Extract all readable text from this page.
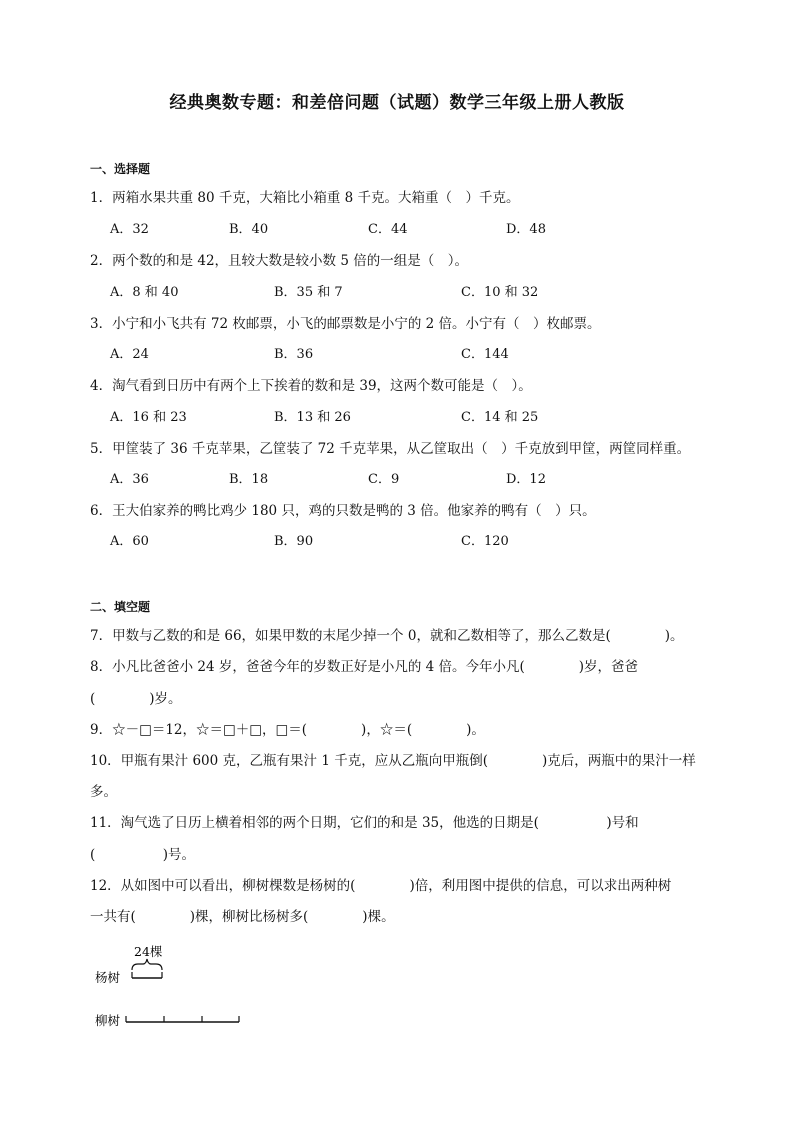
经典奥数专题：和差倍问题（试题）数学三年级上册人教版
一、选择题
1．两箱水果共重 80 千克，大箱比小箱重 8 千克。大箱重（　）千克。
A．32	B．40	C．44	D．48
2．两个数的和是 42，且较大数是较小数 5 倍的一组是（　）。
A．8 和 40	B．35 和 7	C．10 和 32
3．小宁和小飞共有 72 枚邮票，小飞的邮票数是小宁的 2 倍。小宁有（　）枚邮票。
A．24	B．36	C．144
4．淘气看到日历中有两个上下挨着的数和是 39，这两个数可能是（　）。
A．16 和 23	B．13 和 26	C．14 和 25
5．甲筐装了 36 千克苹果，乙筐装了 72 千克苹果，从乙筐取出（　）千克放到甲筐，两筐同样重。
A．36	B．18	C．9	D．12
6．王大伯家养的鸭比鸡少 180 只，鸡的只数是鸭的 3 倍。他家养的鸭有（　）只。
A．60	B．90	C．120
二、填空题
7．甲数与乙数的和是 66，如果甲数的末尾少掉一个 0，就和乙数相等了，那么乙数是(　　　　)。
8．小凡比爸爸小 24 岁，爸爸今年的岁数正好是小凡的 4 倍。今年小凡(　　　　)岁，爸爸
(　　　　)岁。
9．☆－□＝12，☆＝□＋□，□＝(　　　　)，☆＝(　　　　)。
10．甲瓶有果汁 600 克，乙瓶有果汁 1 千克，应从乙瓶向甲瓶倒(　　　　)克后，两瓶中的果汁一样
多。
11．淘气选了日历上横着相邻的两个日期，它们的和是 35，他选的日期是(　　　　　)号和
(　　　　　)号。
12．从如图中可以看出，柳树棵数是杨树的(　　　　)倍，利用图中提供的信息，可以求出两种树
一共有(　　　　)棵，柳树比杨树多(　　　　)棵。
24棵
杨树
柳树
